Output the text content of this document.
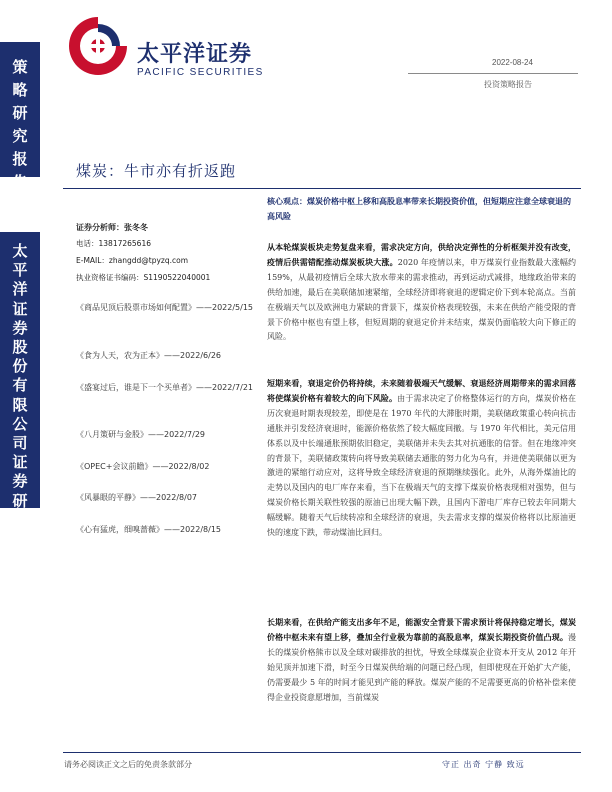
策略研究报告
太平洋证券股份有限公司证券研究报告
太平洋证券
PACIFIC SECURITIES
2022-08-24
投资策略报告
煤炭：牛市亦有折返跑
证券分析师：张冬冬
电话：13817265616
E-MAIL：zhangdd@tpyzq.com
执业资格证书编码：S1190522040001
《商品见顶后股票市场如何配置》——2022/5/15
《食为人天，农为正本》——2022/6/26
《盛宴过后，谁是下一个买单者》——2022/7/21
《八月策研与金股》——2022/7/29
《OPEC+会议前瞻》——2022/8/02
《风暴眼的平静》——2022/8/07
《心有猛虎，细嗅蔷薇》——2022/8/15
核心观点：煤炭价格中枢上移和高股息率带来长期投资价值，但短期应注意全球衰退的高风险
从本轮煤炭板块走势复盘来看，需求决定方向，供给决定弹性的分析框架并没有改变，疫情后供需错配推动煤炭板块大涨。2020 年疫情以来，申万煤炭行业指数最大涨幅约 159%，从最初疫情后全球大放水带来的需求推动，再到运动式减排，地缘政治带来的供给加速，最后在美联储加速紧缩，全球经济即将衰退的逻辑定价下到本轮高点。当前在极端天气以及欧洲电力紧缺的背景下，煤炭价格表现较强，未来在供给产能受限的背景下价格中枢也有望上移，但短周期的衰退定价并未结束，煤炭仍面临较大向下修正的风险。
短期来看，衰退定价仍将持续，未来随着极端天气缓解、衰退经济周期带来的需求回落将使煤炭价格有着较大的向下风险。由于需求决定了价格整体运行的方向，煤炭价格在历次衰退时期表现较差，即使是在 1970 年代的大滞胀时期，美联储政策重心转向抗击通胀并引发经济衰退时，能源价格依然了较大幅度回撤。与 1970 年代相比，美元信用体系以及中长端通胀预期依旧稳定，美联储并未失去其对抗通胀的信誉。但在地缘冲突的背景下，美联储政策转向将导致美联储去通胀的努力化为乌有，并进使美联储以更为激进的紧缩行动应对，这将导致全球经济衰退的预期继续强化。此外，从海外煤油比的走势以及国内的电厂库存来看，当下在极端天气的支撑下煤炭价格表现相对强势，但与煤炭价格长期关联性较强的原油已出现大幅下跌，且国内下游电厂库存已较去年同期大幅缓解。随着天气后续转凉和全球经济的衰退，失去需求支撑的煤炭价格将以比原油更快的速度下跌，带动煤油比回归。
长期来看，在供给产能支出多年不足，能源安全背景下需求预计将保持稳定增长，煤炭价格中枢未来有望上移，叠加全行业极为靠前的高股息率，煤炭长期投资价值凸现。漫长的煤炭价格熊市以及全球对碳排放的担忧，导致全球煤炭企业资本开支从 2012 年开始见顶并加速下滑，时至今日煤炭供给端的问题已经凸现，但即使现在开始扩大产能，仍需要最少 5 年的时间才能见到产能的释放。煤炭产能的不足需要更高的价格补偿来使得企业投资意愿增加，当前煤炭
请务必阅读正文之后的免责条款部分	守正 出奇 宁静 致远
